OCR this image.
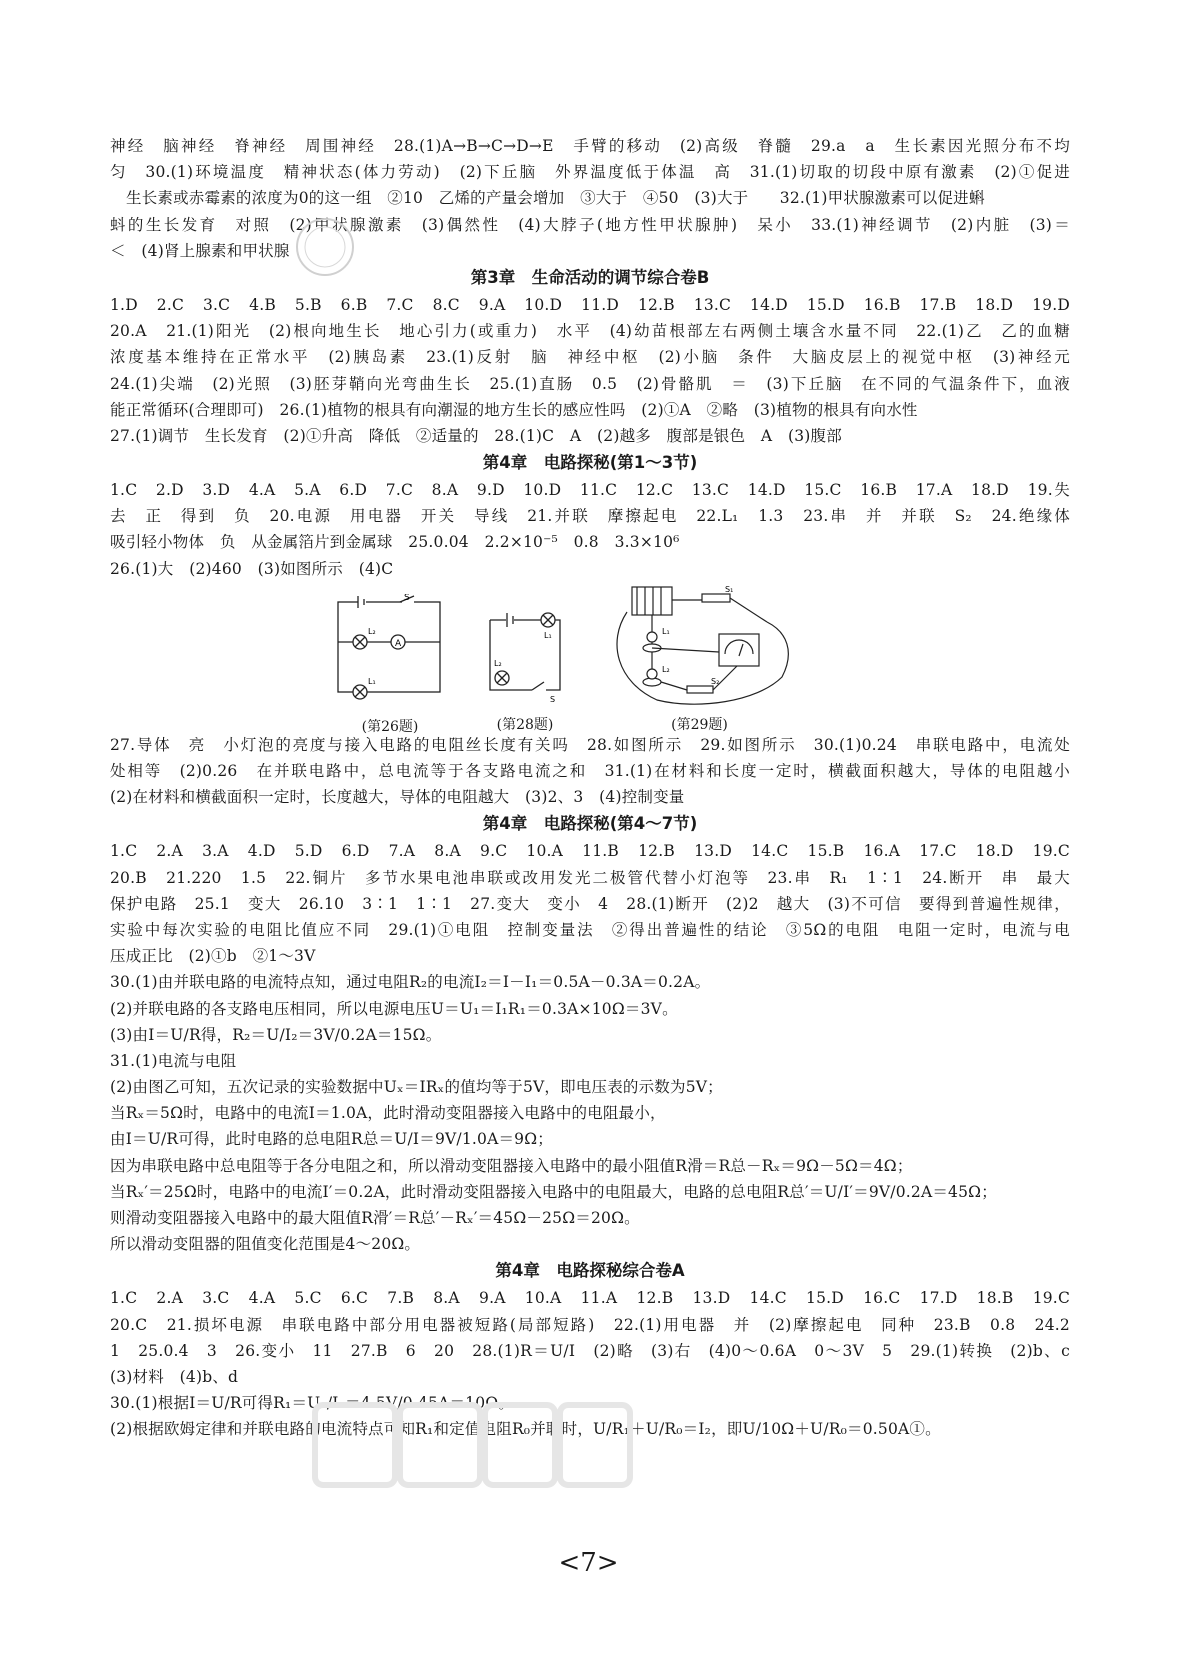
神经　脑神经　脊神经　周围神经　28.(1)A→B→C→D→E　手臂的移动　(2)高级　脊髓　29.a　a　生长素因光照分布不均
匀　30.(1)环境温度　精神状态(体力劳动)　(2)下丘脑　外界温度低于体温　高　31.(1)切取的切段中原有激素　(2)①促进
生长素或赤霉素的浓度为0的这一组　②10　乙烯的产量会增加　③大于　④50　(3)大于　　32.(1)甲状腺激素可以促进蝌
蚪的生长发育　对照　(2)甲状腺激素　(3)偶然性　(4)大脖子(地方性甲状腺肿)　呆小　33.(1)神经调节　(2)内脏　(3)＝
＜　(4)肾上腺素和甲状腺
第3章　生命活动的调节综合卷B
1.D　2.C　3.C　4.B　5.B　6.B　7.C　8.C　9.A　10.D　11.D　12.B　13.C　14.D　15.D　16.B　17.B　18.D　19.D
20.A　21.(1)阳光　(2)根向地生长　地心引力(或重力)　水平　(4)幼苗根部左右两侧土壤含水量不同　22.(1)乙　乙的血糖
浓度基本维持在正常水平　(2)胰岛素　23.(1)反射　脑　神经中枢　(2)小脑　条件　大脑皮层上的视觉中枢　(3)神经元
24.(1)尖端　(2)光照　(3)胚芽鞘向光弯曲生长　25.(1)直肠　0.5　(2)骨骼肌　＝　(3)下丘脑　在不同的气温条件下，血液
能正常循环(合理即可)　26.(1)植物的根具有向潮湿的地方生长的感应性吗　(2)①A　②略　(3)植物的根具有向水性
27.(1)调节　生长发育　(2)①升高　降低　②适量的　28.(1)C　A　(2)越多　腹部是银色　A　(3)腹部
第4章　电路探秘(第1～3节)
1.C　2.D　3.D　4.A　5.A　6.D　7.C　8.A　9.D　10.D　11.C　12.C　13.C　14.D　15.C　16.B　17.A　18.D　19.失
去　正　得到　负　20.电源　用电器　开关　导线　21.并联　摩擦起电　22.L₁　1.3　23.串　并　并联　S₂　24.绝缘体
吸引轻小物体　负　从金属箔片到金属球　25.0.04　2.2×10⁻⁵　0.8　3.3×10⁶
26.(1)大　(2)460　(3)如图所示　(4)C
A
S
L₂
L₁
(第26题)
L₁
L₂
S
(第28题)
S₁
L₁
L₂
S₂
(第29题)
27.导体　亮　小灯泡的亮度与接入电路的电阻丝长度有关吗　28.如图所示　29.如图所示　30.(1)0.24　串联电路中，电流处
处相等　(2)0.26　在并联电路中，总电流等于各支路电流之和　31.(1)在材料和长度一定时，横截面积越大，导体的电阻越小
(2)在材料和横截面积一定时，长度越大，导体的电阻越大　(3)2、3　(4)控制变量
第4章　电路探秘(第4～7节)
1.C　2.A　3.A　4.D　5.D　6.D　7.A　8.A　9.C　10.A　11.B　12.B　13.D　14.C　15.B　16.A　17.C　18.D　19.C
20.B　21.220　1.5　22.铜片　多节水果电池串联或改用发光二极管代替小灯泡等　23.串　R₁　1∶1　24.断开　串　最大
保护电路　25.1　变大　26.10　3∶1　1∶1　27.变大　变小　4　28.(1)断开　(2)2　越大　(3)不可信　要得到普遍性规律，
实验中每次实验的电阻比值应不同　29.(1)①电阻　控制变量法　②得出普遍性的结论　③5Ω的电阻　电阻一定时，电流与电
压成正比　(2)①b　②1～3V
30.(1)由并联电路的电流特点知，通过电阻R₂的电流I₂＝I－I₁＝0.5A－0.3A＝0.2A。
(2)并联电路的各支路电压相同，所以电源电压U＝U₁＝I₁R₁＝0.3A×10Ω＝3V。
(3)由I＝U/R得，R₂＝U/I₂＝3V/0.2A＝15Ω。
31.(1)电流与电阻
(2)由图乙可知，五次记录的实验数据中Uₓ＝IRₓ的值均等于5V，即电压表的示数为5V；
当Rₓ＝5Ω时，电路中的电流I＝1.0A，此时滑动变阻器接入电路中的电阻最小，
由I＝U/R可得，此时电路的总电阻R总＝U/I＝9V/1.0A＝9Ω；
因为串联电路中总电阻等于各分电阻之和，所以滑动变阻器接入电路中的最小阻值R滑＝R总－Rₓ＝9Ω－5Ω＝4Ω；
当Rₓ′＝25Ω时，电路中的电流I′＝0.2A，此时滑动变阻器接入电路中的电阻最大，电路的总电阻R总′＝U/I′＝9V/0.2A＝45Ω；
则滑动变阻器接入电路中的最大阻值R滑′＝R总′－Rₓ′＝45Ω－25Ω＝20Ω。
所以滑动变阻器的阻值变化范围是4～20Ω。
第4章　电路探秘综合卷A
1.C　2.A　3.C　4.A　5.C　6.C　7.B　8.A　9.A　10.A　11.A　12.B　13.D　14.C　15.D　16.C　17.D　18.B　19.C
20.C　21.损坏电源　串联电路中部分用电器被短路(局部短路)　22.(1)用电器　并　(2)摩擦起电　同种　23.B　0.8　24.2
1　25.0.4　3　26.变小　11　27.B　6　20　28.(1)R＝U/I　(2)略　(3)右　(4)0～0.6A　0～3V　5　29.(1)转换　(2)b、c
(3)材料　(4)b、d
30.(1)根据I＝U/R可得R₁＝U₁/I₁＝4.5V/0.45A＝10Ω。
(2)根据欧姆定律和并联电路的电流特点可知R₁和定值电阻R₀并联时，U/R₁＋U/R₀＝I₂，即U/10Ω＋U/R₀＝0.50A①。
<7>
